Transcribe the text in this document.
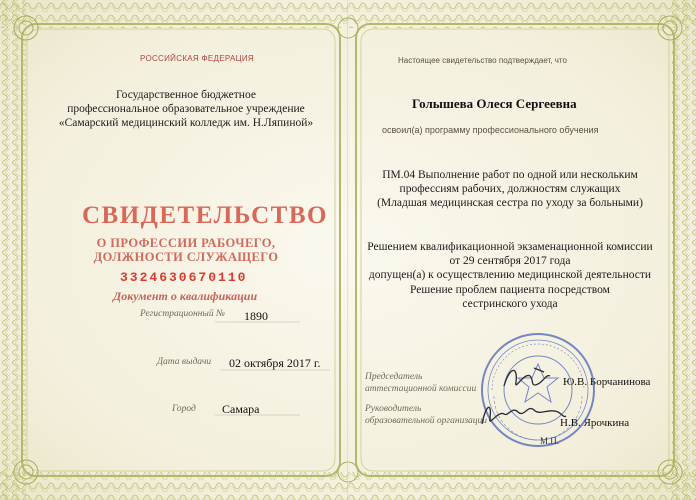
РОССИЙСКАЯ ФЕДЕРАЦИЯ
Государственное бюджетное
профессиональное образовательное учреждение
«Самарский медицинский колледж им. Н.Ляпиной»
СВИДЕТЕЛЬСТВО
О ПРОФЕССИИ РАБОЧЕГО,
ДОЛЖНОСТИ СЛУЖАЩЕГО
3324630670110
Документ о квалификации
Регистрационный № 1890
Дата выдачи 02 октября 2017 г.
Город Самара
Настоящее свидетельство подтверждает, что
Голышева Олеся Сергеевна
освоил(а) программу профессионального обучения
ПМ.04 Выполнение работ по одной или нескольким
профессиям рабочих, должностям служащих
(Младшая медицинская сестра по уходу за больными)
Решением квалификационной экзаменационной комиссии
от 29 сентября 2017 года
допущен(а) к осуществлению медицинской деятельности
Решение проблем пациента посредством
сестринского ухода
Председатель
аттестационной комиссии
Ю.В. Борчанинова
Руководитель
образовательной организации	Н.В. Ярочкина
М.П.
